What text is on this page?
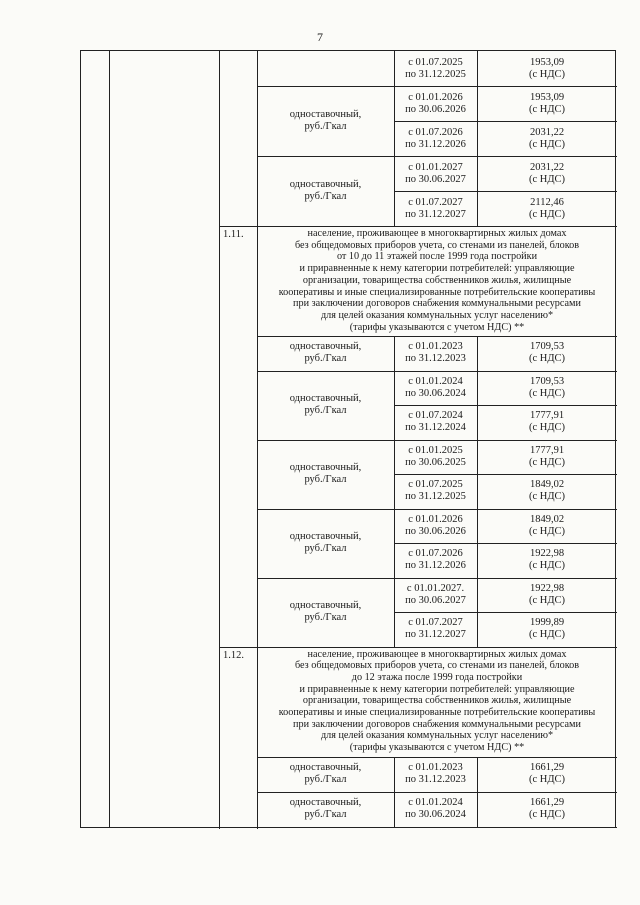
7
одноставочный,
руб./Гкал
одноставочный,
руб./Гкал
с 01.07.2025
по 31.12.2025
1953,09
(с НДС)
с 01.01.2026
по 30.06.2026
1953,09
(с НДС)
с 01.07.2026
по 31.12.2026
2031,22
(с НДС)
с 01.01.2027
по 30.06.2027
2031,22
(с НДС)
с 01.07.2027
по 31.12.2027
2112,46
(с НДС)
1.11.	население, проживающее в многоквартирных жилых домах
без общедомовых приборов учета, со стенами из панелей, блоков
от 10 до 11 этажей после 1999 года постройки
и приравненные к нему категории потребителей: управляющие
организации, товарищества собственников жилья, жилищные
кооперативы и иные специализированные потребительские кооперативы
при заключении договоров снабжения коммунальными ресурсами
для целей оказания коммунальных услуг населению*
(тарифы указываются с учетом НДС) **
одноставочный,
руб./Гкал
с 01.01.2023
по 31.12.2023
1709,53
(с НДС)
одноставочный,
руб./Гкал
с 01.01.2024
по 30.06.2024
1709,53
(с НДС)
с 01.07.2024
по 31.12.2024
1777,91
(с НДС)
одноставочный,
руб./Гкал
с 01.01.2025
по 30.06.2025
1777,91
(с НДС)
с 01.07.2025
по 31.12.2025
1849,02
(с НДС)
одноставочный,
руб./Гкал
с 01.01.2026
по 30.06.2026
1849,02
(с НДС)
с 01.07.2026
по 31.12.2026
1922,98
(с НДС)
одноставочный,
руб./Гкал
с 01.01.2027.
по 30.06.2027
1922,98
(с НДС)
с 01.07.2027
по 31.12.2027
1999,89
(с НДС)
1.12.	население, проживающее в многоквартирных жилых домах
без общедомовых приборов учета, со стенами из панелей, блоков
до 12 этажа после 1999 года постройки
и приравненные к нему категории потребителей: управляющие
организации, товарищества собственников жилья, жилищные
кооперативы и иные специализированные потребительские кооперативы
при заключении договоров снабжения коммунальными ресурсами
для целей оказания коммунальных услуг населению*
(тарифы указываются с учетом НДС) **
одноставочный,
руб./Гкал
с 01.01.2023
по 31.12.2023
1661,29
(с НДС)
одноставочный,
руб./Гкал
с 01.01.2024
по 30.06.2024
1661,29
(с НДС)
